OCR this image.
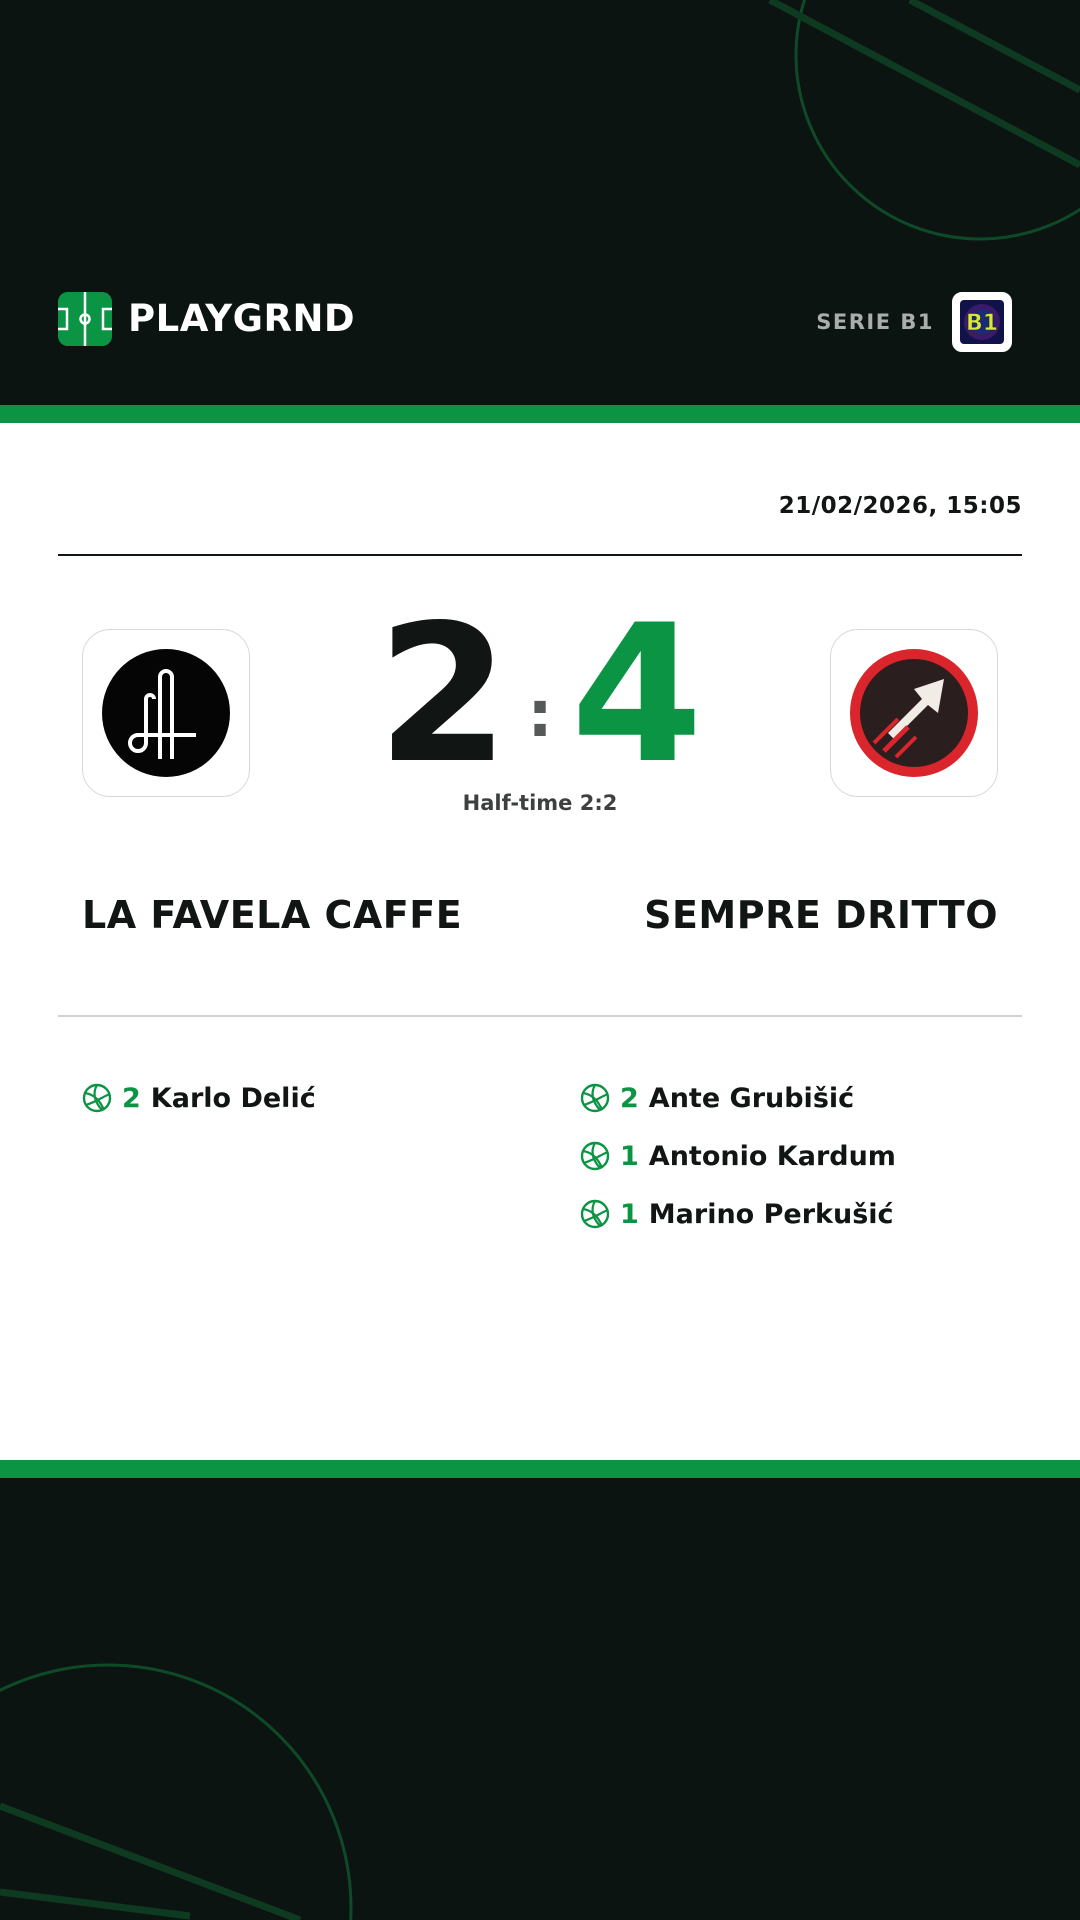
PLAYGRND	SERIE B1 B1
21/02/2026, 15:05
2 : 4
Half-time 2:2
LA FAVELA CAFFE	SEMPRE DRITTO
2 Karlo Delić	2 Ante Grubišić
1 Antonio Kardum
1 Marino Perkušić
